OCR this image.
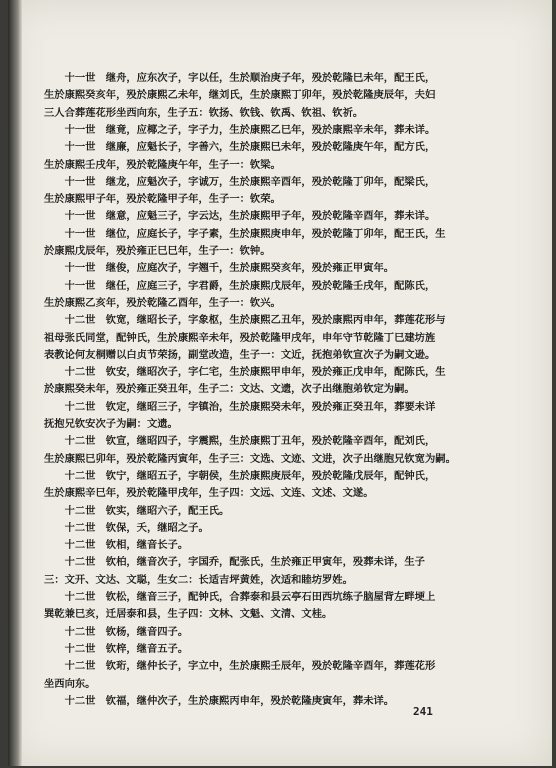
　　十一世　继舟，应东次子，字以任，生於顺治庚子年，殁於乾隆巳未年，配王氏，
生於康熙癸亥年，殁於康熙乙未年，继刘氏，生於康熙丁卯年，殁於乾隆庚辰年，夫妇
三人合葬莲花形坐西向东，生子五：钦扬、钦钱、钦禹、钦祖、钦祈。
　　十一世　继竟，应椰之子，字子力，生於康熙乙巳年，殁於康熙辛未年，葬未详。
　　十一世　继廉，应魁长子，字善六，生於康熙巳未年，殁於乾隆庚午年，配方氏，
生於康熙壬戌年，殁於乾隆庚午年，生子一：钦梁。
　　十一世　继龙，应魁次子，字诚万，生於康熙辛酉年，殁於乾隆丁卯年，配梁氏，
生於康熙甲子年，殁於乾隆甲子年，生子一：钦荣。
　　十一世　继意，应魁三子，字云达，生於康熙甲子年，殁於乾隆辛酉年，葬未详。
　　十一世　继位，应庭长子，字子素，生於康熙庚申年，殁於乾隆丁卯年，配王氏，生
於康熙戊辰年，殁於雍正巳巳年，生子一：钦钟。
　　十一世　继俊，应庭次子，字翘千，生於康熙癸亥年，殁於雍正甲寅年。
　　十一世　继任，应庭三子，字君爵，生於康熙戊辰年，殁於乾隆壬戌年，配陈氏，
生於康熙乙亥年，殁於乾隆乙酉年，生子一：钦兴。
　　十二世　钦宽，继昭长子，字象枢，生於康熙乙丑年，殁於康熙丙申年，葬莲花形与
祖母张氏同堂，配钟氏，生於康熙辛未年，殁於乾隆甲戌年，申年守节乾隆丁巳建坊旌
表教论何友桐赠以白贞节荣扬，副堂改造，生子一：文近，抚抱弟钦宣次子为嗣文逊。
　　十二世　钦安，继昭次子，字仁宅，生於康熙甲申年，殁於雍正戊申年，配陈氏，生
於康熙癸未年，殁於雍正癸丑年，生子二：文达、文遗，次子出继胞弟钦定为嗣。
　　十二世　钦定，继昭三子，字镇治，生於康熙癸未年，殁於雍正癸丑年，葬要未详
抚抱兄钦安次子为嗣：文遗。
　　十二世　钦宣，继昭四子，字震熙，生於康熙丁丑年，殁於乾隆辛酉年，配刘氏，
生於康熙巳卯年，殁於乾隆丙寅年，生子三：文选、文迹、文进，次子出继胞兄钦宽为嗣。
　　十二世　钦宁，继昭五子，字朝侯，生於康熙庚辰年，殁於乾隆戊辰年，配钟氏，
生於康熙辛巳年，殁於乾隆甲戌年，生子四：文远、文连、文述、文遂。
　　十二世　钦实，继昭六子，配王氏。
　　十二世　钦保，夭，继昭之子。
　　十二世　钦相，继音长子。
　　十二世　钦柏，继音次子，字国乔，配张氏，生於雍正甲寅年，殁葬未详，生子
三：文开、文达、文聪，生女二：长适吉坪黄姓，次适和睦坊罗姓。
　　十二世　钦松，继音三子，配钟氏，合葬泰和县云亭石田西坑练子脑屋背左畔埂上
巽乾兼巳亥，迁居泰和县，生子四：文林、文魁、文清、文桂。
　　十二世　钦杨，继音四子。
　　十二世　钦梓，继音五子。
　　十二世　钦珩，继仲长子，字立中，生於康熙壬辰年，殁於乾隆辛酉年，葬莲花形
坐西向东。
　　十二世　钦福，继仲次子，生於康熙丙申年，殁於乾隆庚寅年，葬未详。
241
